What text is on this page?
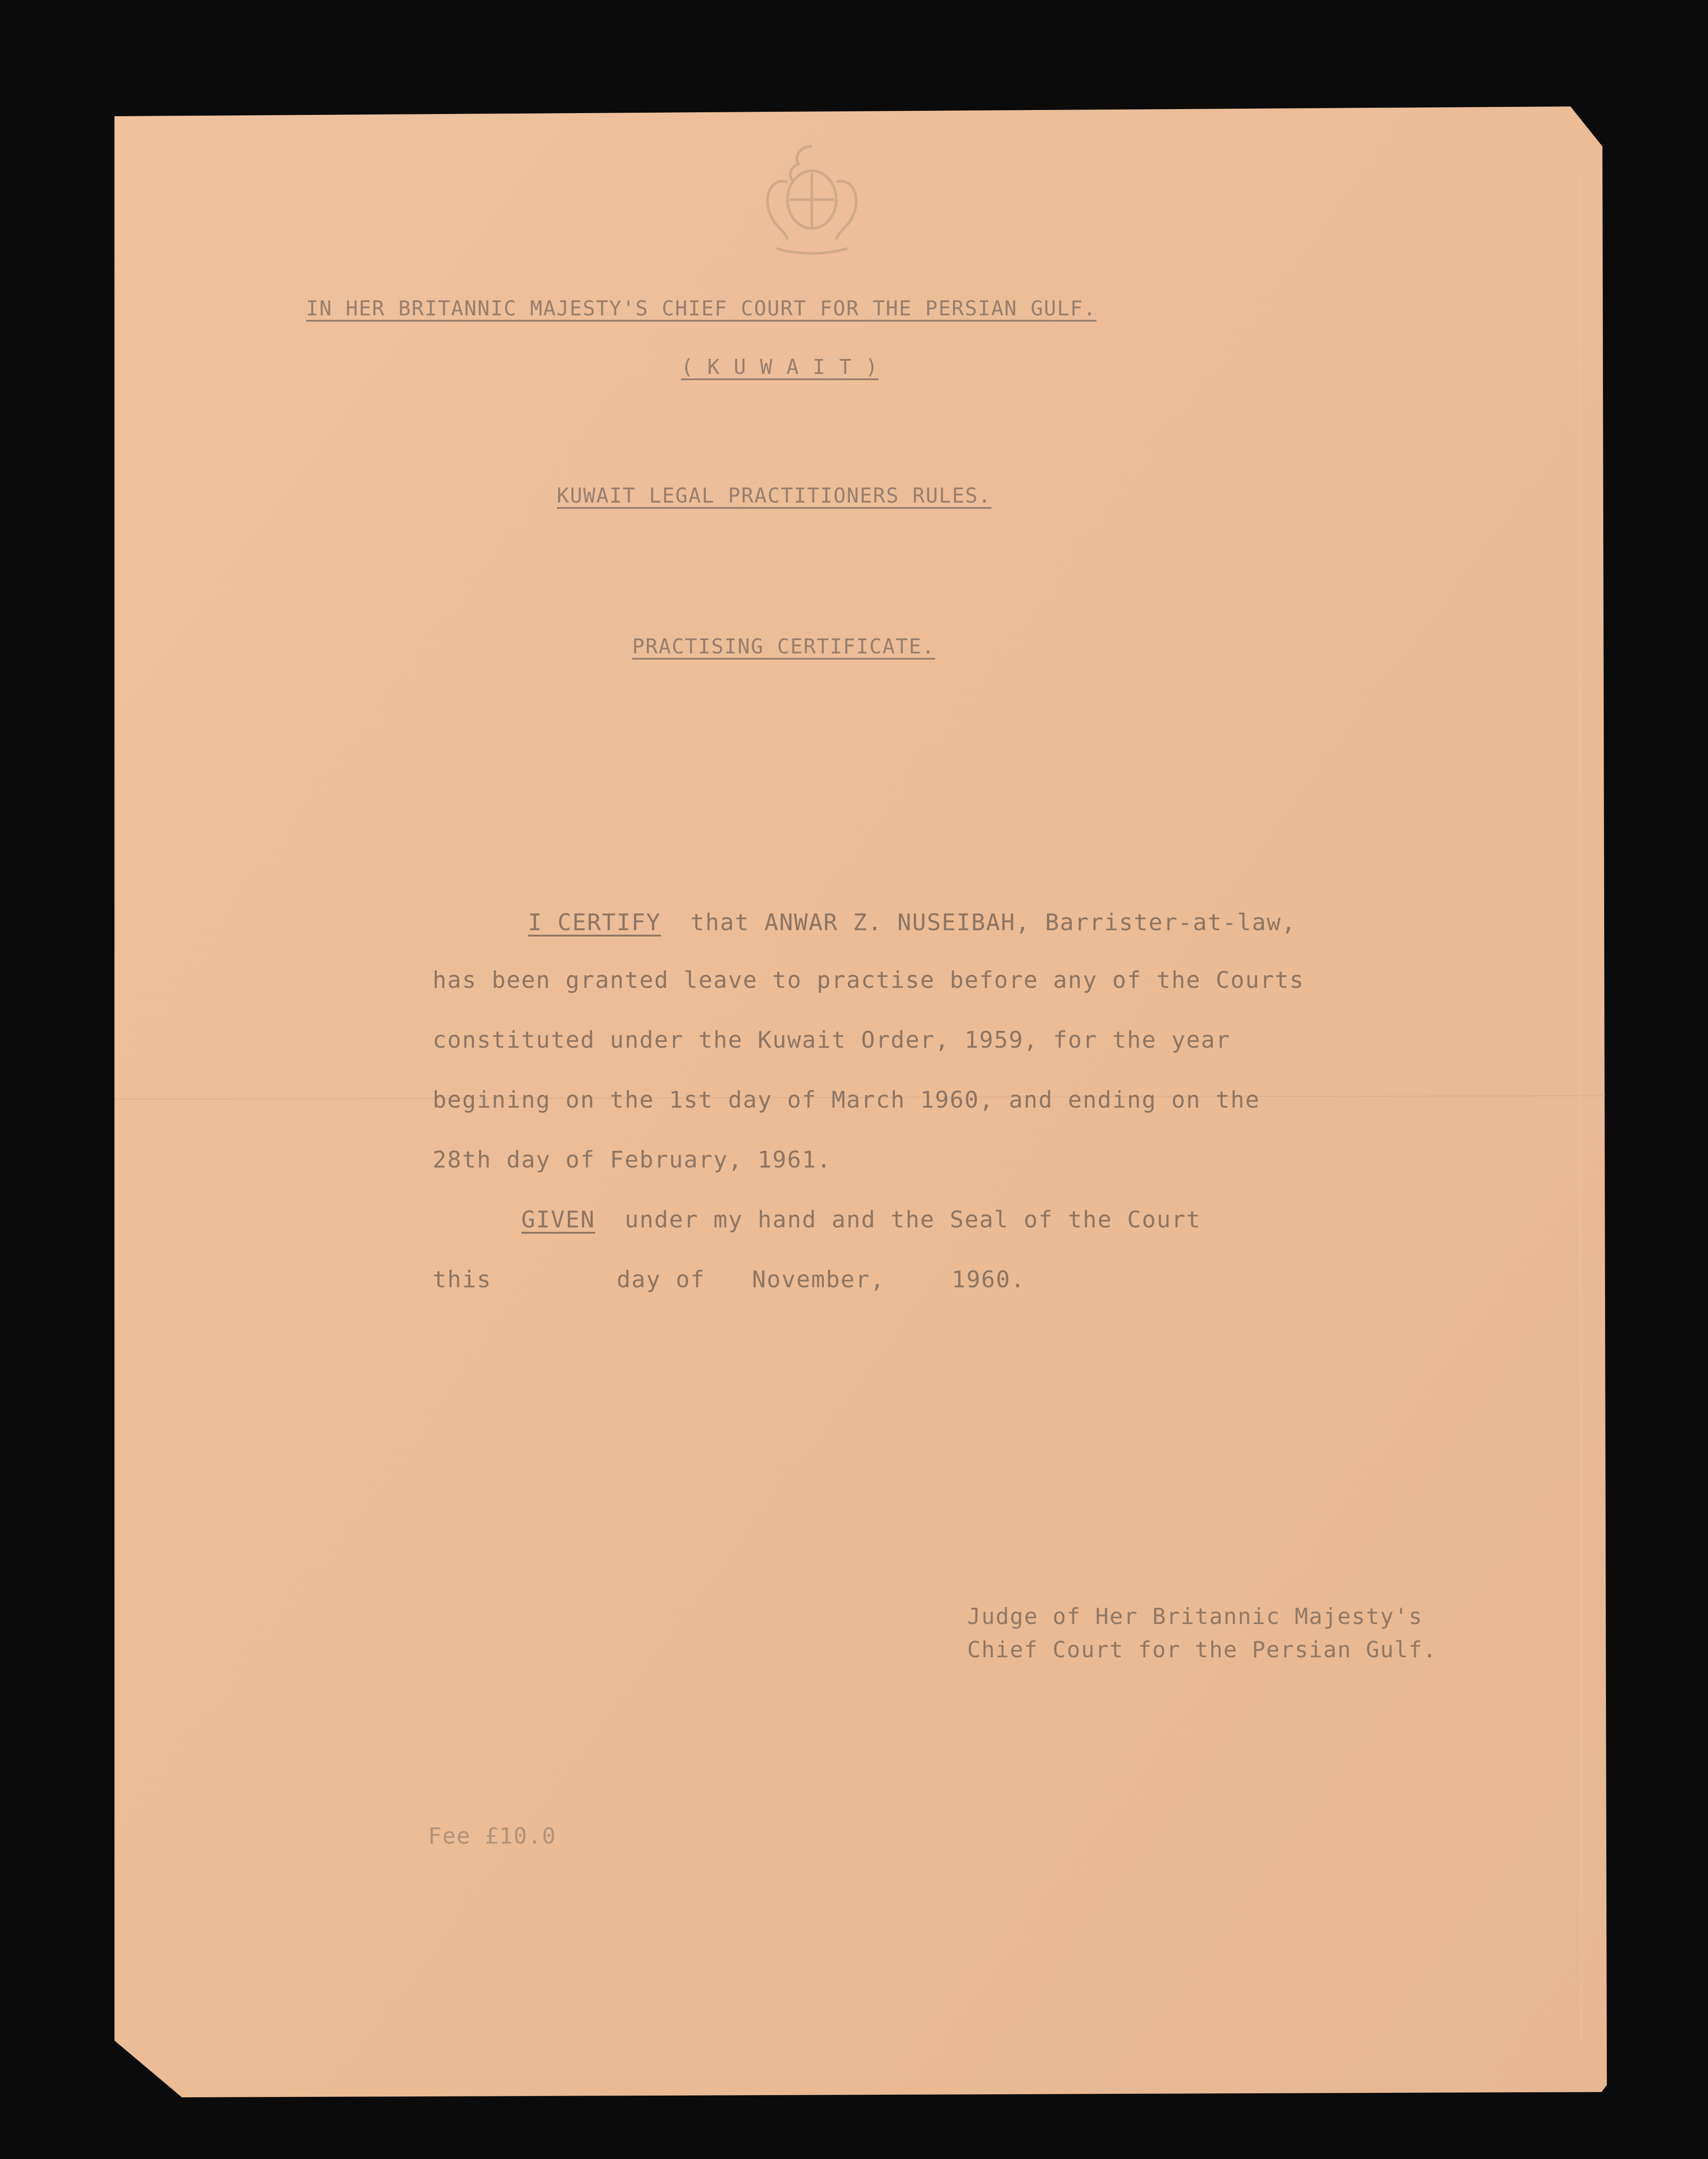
IN HER BRITANNIC MAJESTY'S CHIEF COURT FOR THE PERSIAN GULF.
( K U W A I T )
KUWAIT LEGAL PRACTITIONERS RULES.
PRACTISING CERTIFICATE.
I CERTIFY that ANWAR Z. NUSEIBAH, Barrister-at-law,
has been granted leave to practise before any of the Courts
constituted under the Kuwait Order, 1959, for the year
begining on the 1st day of March 1960, and ending on the
28th day of February, 1961.
GIVEN under my hand and the Seal of the Court
this	day of November,	1960.
Judge of Her Britannic Majesty's
Chief Court for the Persian Gulf.
Fee £10.0
